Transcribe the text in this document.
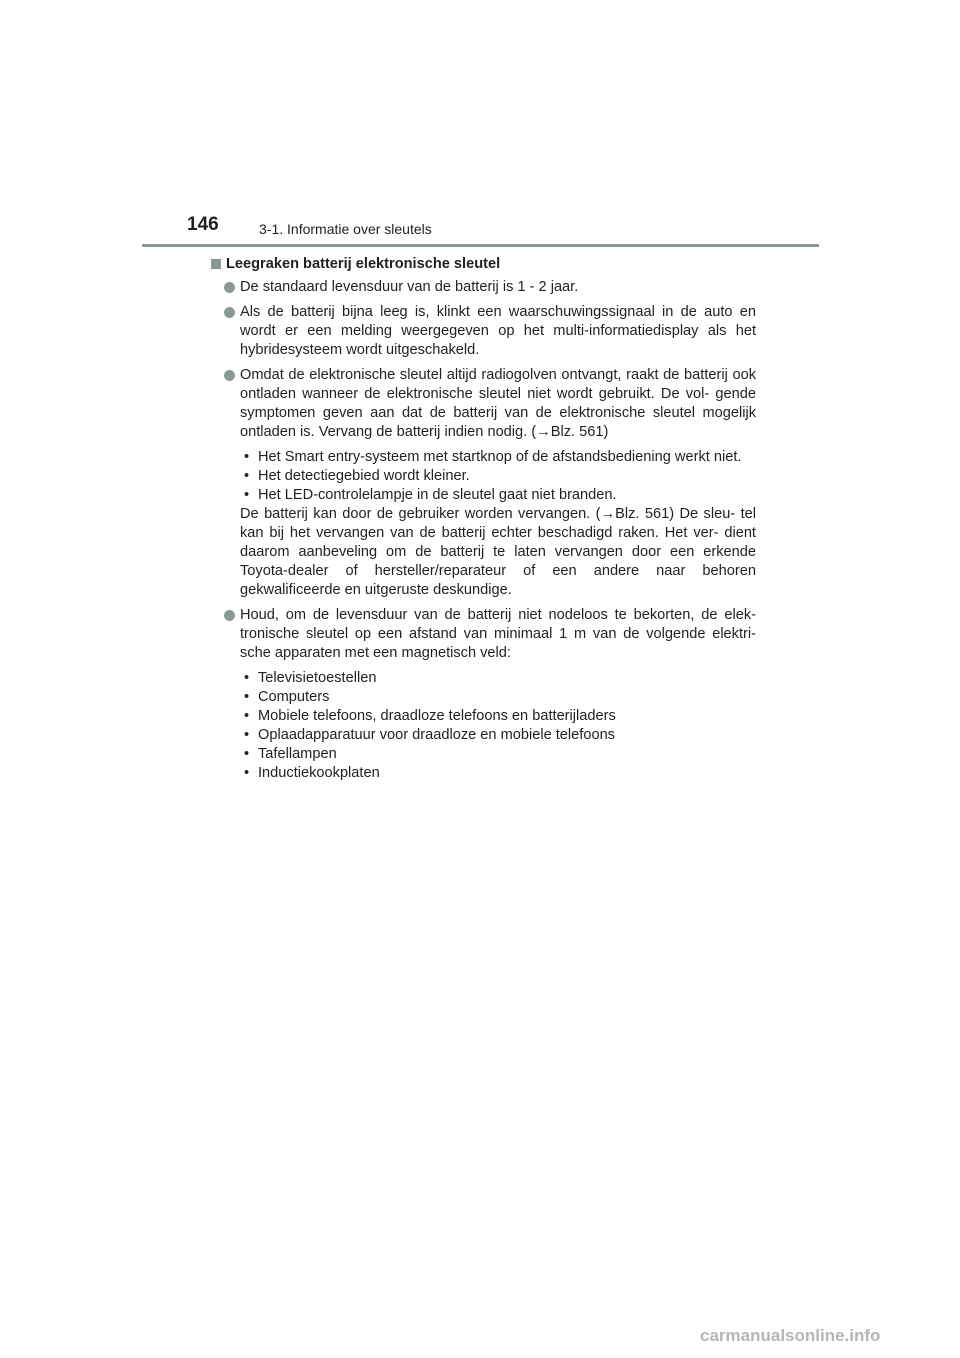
146	3-1. Informatie over sleutels
Leegraken batterij elektronische sleutel
De standaard levensduur van de batterij is 1 - 2 jaar.
Als de batterij bijna leeg is, klinkt een waarschuwingssignaal in de auto en wordt er een melding weergegeven op het multi-informatiedisplay als het hybridesysteem wordt uitgeschakeld.
Omdat de elektronische sleutel altijd radiogolven ontvangt, raakt de batterij ook ontladen wanneer de elektronische sleutel niet wordt gebruikt. De vol- gende symptomen geven aan dat de batterij van de elektronische sleutel mogelijk ontladen is. Vervang de batterij indien nodig. (→Blz. 561)
• Het Smart entry-systeem met startknop of de afstandsbediening werkt niet.
• Het detectiegebied wordt kleiner.
• Het LED-controlelampje in de sleutel gaat niet branden.
De batterij kan door de gebruiker worden vervangen. (→Blz. 561) De sleu- tel kan bij het vervangen van de batterij echter beschadigd raken. Het ver- dient daarom aanbeveling om de batterij te laten vervangen door een erkende Toyota-dealer of hersteller/reparateur of een andere naar behoren gekwalificeerde en uitgeruste deskundige.
Houd, om de levensduur van de batterij niet nodeloos te bekorten, de elek- tronische sleutel op een afstand van minimaal 1 m van de volgende elektri- sche apparaten met een magnetisch veld:
• Televisietoestellen
• Computers
• Mobiele telefoons, draadloze telefoons en batterijladers
• Oplaadapparatuur voor draadloze en mobiele telefoons
• Tafellampen
• Inductiekookplaten
carmanualsonline.info
